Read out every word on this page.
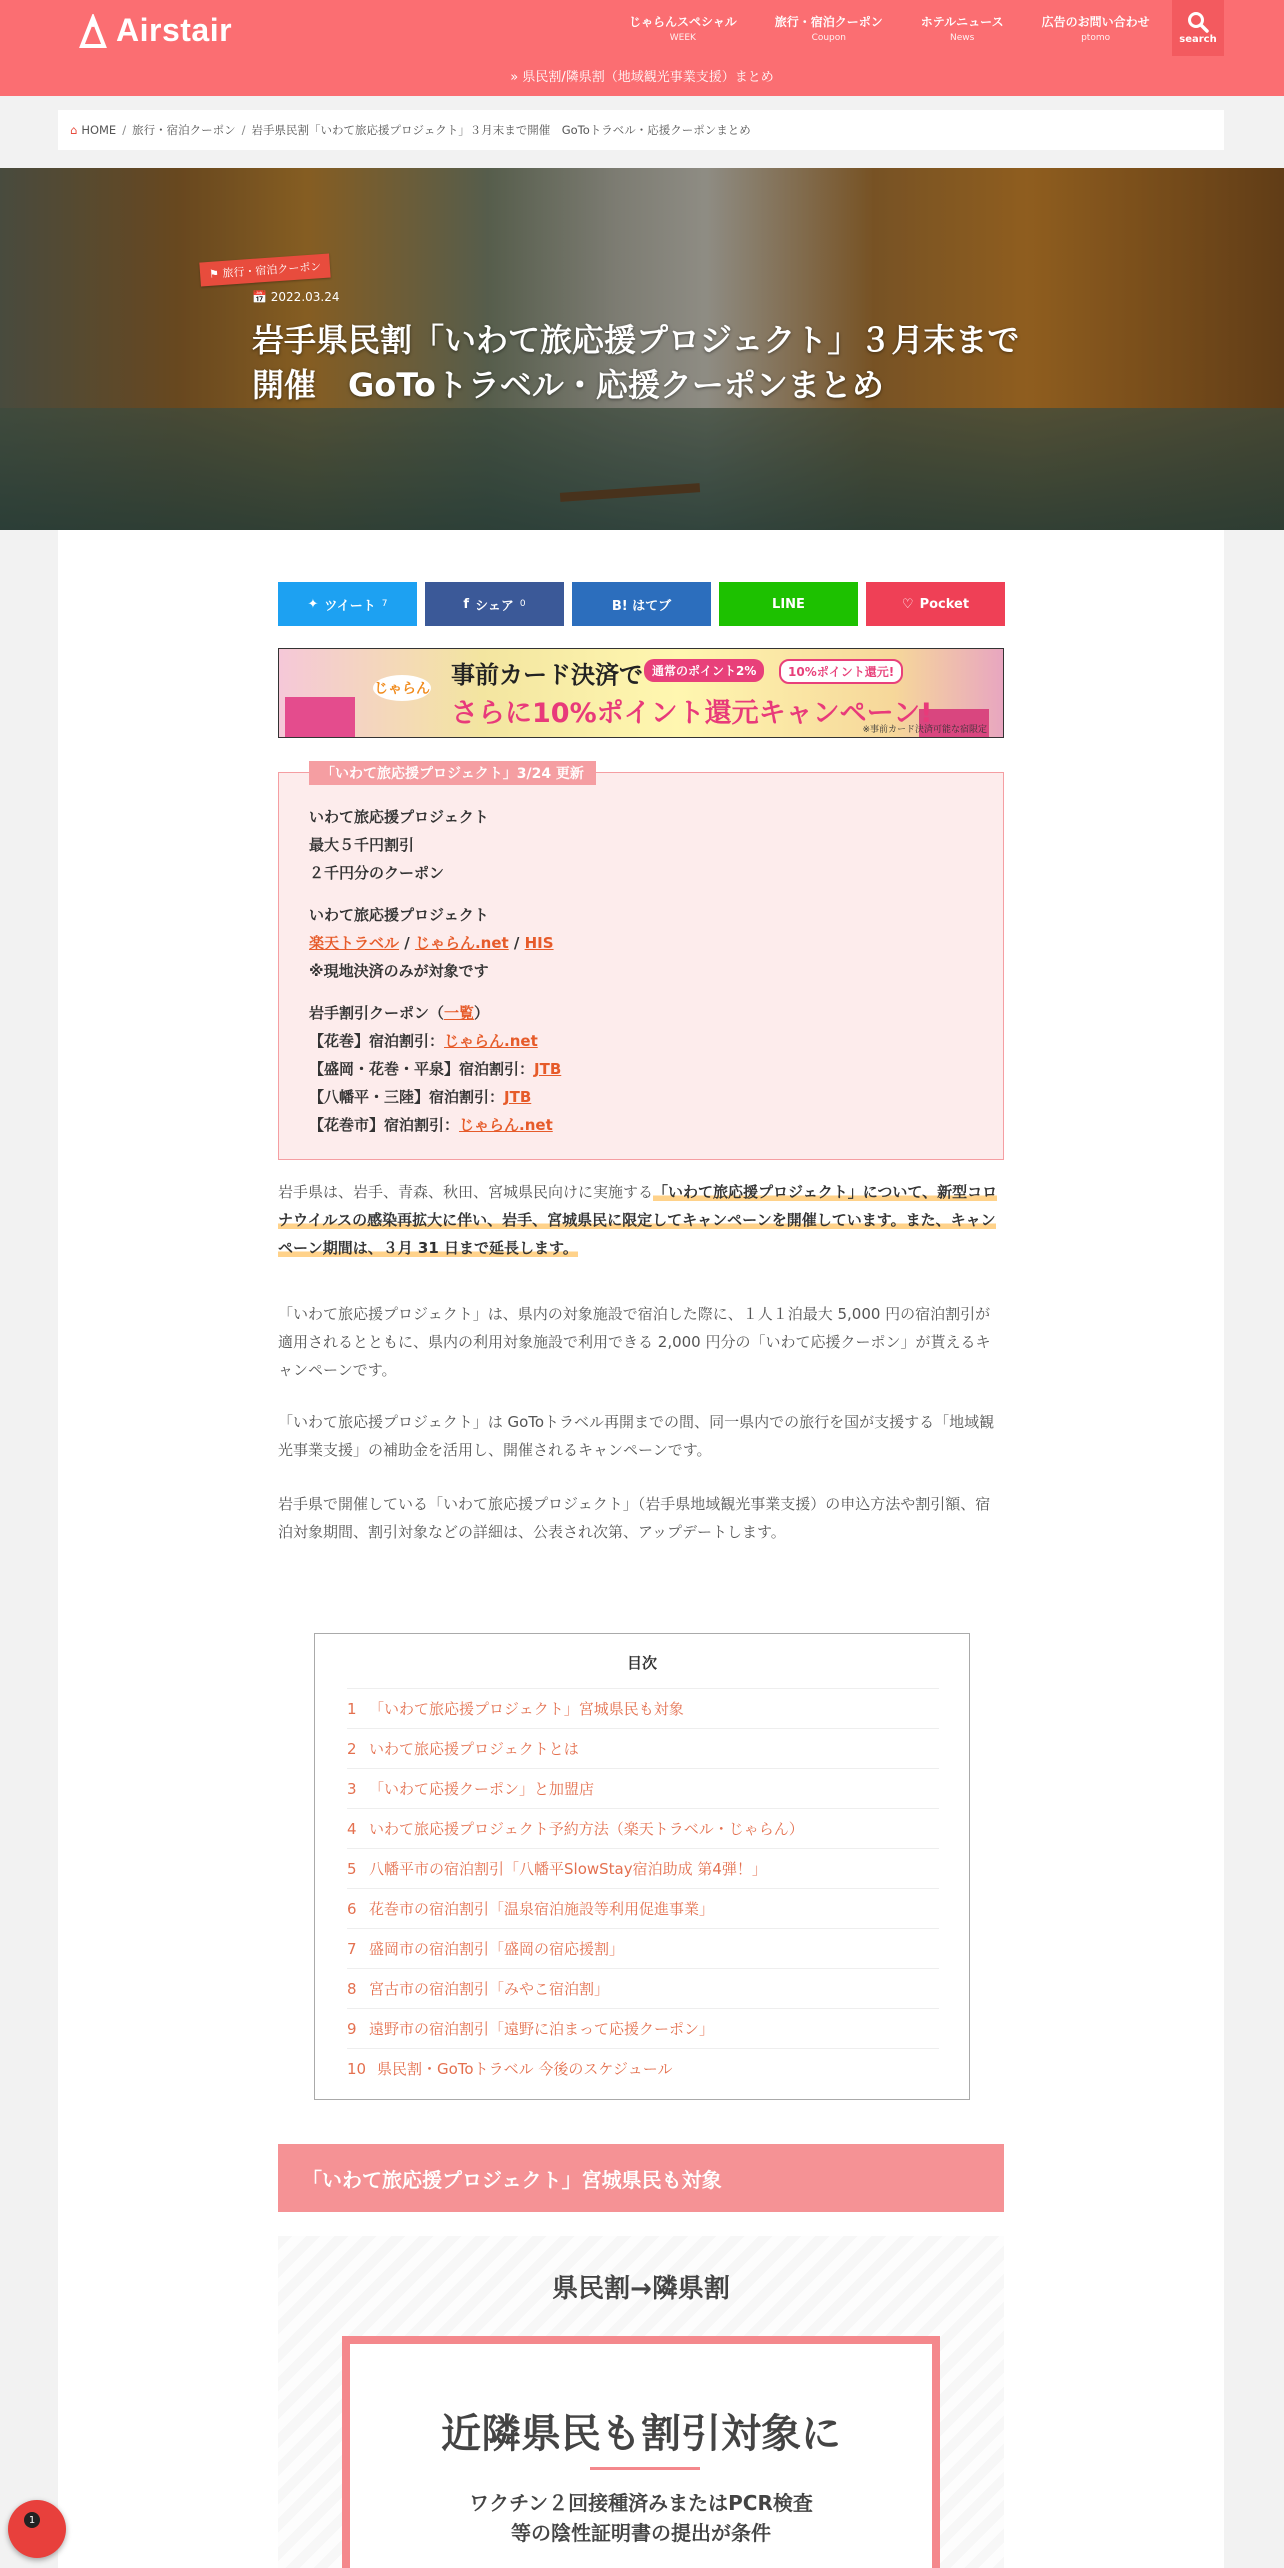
Airstair	じゃらんスペシャル
WEEK
旅行・宿泊クーポン
Coupon
ホテルニュース
News
広告のお問い合わせ
ptomo	search
» 県民割/隣県割（地域観光事業支援）まとめ
⌂ HOME / 旅行・宿泊クーポン / 岩手県民割「いわて旅応援プロジェクト」３月末まで開催　GoToトラベル・応援クーポンまとめ
⚑ 旅行・宿泊クーポン
📅 2022.03.24
岩手県民割「いわて旅応援プロジェクト」３月末まで開催　GoToトラベル・応援クーポンまとめ
✦ ツイート 7	f シェア 0	B! はてブ	LINE	♡ Pocket
じゃらん 事前カード決済で
さらに10%ポイント還元キャンペーン!
通常のポイント2%	10%ポイント還元!
※事前カード決済可能な宿限定
「いわて旅応援プロジェクト」3/24 更新

いわて旅応援プロジェクト
最大５千円割引
２千円分のクーポン

いわて旅応援プロジェクト
楽天トラベル / じゃらん.net / HIS
※現地決済のみが対象です

岩手割引クーポン（一覧）
【花巻】宿泊割引：じゃらん.net
【盛岡・花巻・平泉】宿泊割引：JTB
【八幡平・三陸】宿泊割引：JTB
【花巻市】宿泊割引：じゃらん.net

岩手県は、岩手、青森、秋田、宮城県民向けに実施する「いわて旅応援プロジェクト」について、新型コロナウイルスの感染再拡大に伴い、岩手、宮城県民に限定してキャンペーンを開催しています。また、キャンペーン期間は、３月 31 日まで延長します。

「いわて旅応援プロジェクト」は、県内の対象施設で宿泊した際に、１人１泊最大 5,000 円の宿泊割引が適用されるとともに、県内の利用対象施設で利用できる 2,000 円分の「いわて応援クーポン」が貰えるキャンペーンです。

「いわて旅応援プロジェクト」は GoToトラベル再開までの間、同一県内での旅行を国が支援する「地域観光事業支援」の補助金を活用し、開催されるキャンペーンです。

岩手県で開催している「いわて旅応援プロジェクト」（岩手県地域観光事業支援）の申込方法や割引額、宿泊対象期間、割引対象などの詳細は、公表され次第、アップデートします。

目次
1 「いわて旅応援プロジェクト」宮城県民も対象
2 いわて旅応援プロジェクトとは
3 「いわて応援クーポン」と加盟店
4 いわて旅応援プロジェクト予約方法（楽天トラベル・じゃらん）
5 八幡平市の宿泊割引「八幡平SlowStay宿泊助成 第4弾！」
6 花巻市の宿泊割引「温泉宿泊施設等利用促進事業」
7 盛岡市の宿泊割引「盛岡の宿応援割」
8 宮古市の宿泊割引「みやこ宿泊割」
9 遠野市の宿泊割引「遠野に泊まって応援クーポン」
10 県民割・GoToトラベル 今後のスケジュール
「いわて旅応援プロジェクト」宮城県民も対象
県民割→隣県割
近隣県民も割引対象に
ワクチン２回接種済みまたはPCR検査
等の陰性証明書の提出が条件
1
